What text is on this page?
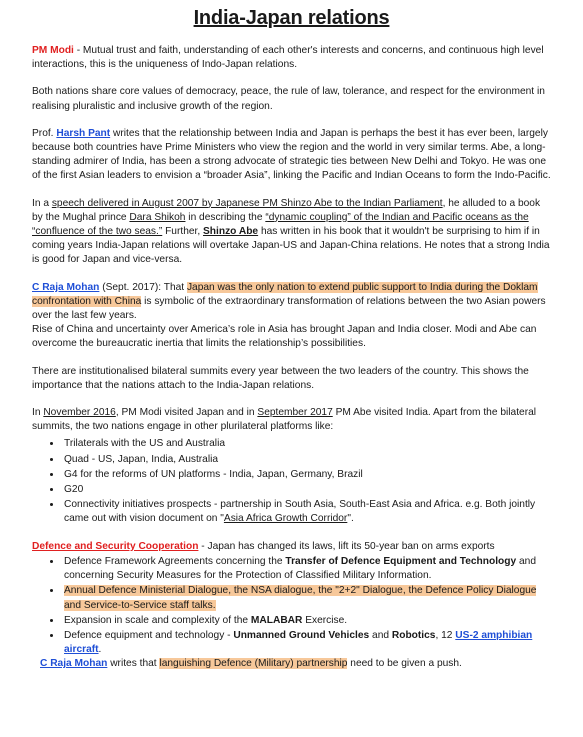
India-Japan relations

PM Modi - Mutual trust and faith, understanding of each other's interests and concerns, and continuous high level interactions, this is the uniqueness of Indo-Japan relations.

Both nations share core values of democracy, peace, the rule of law, tolerance, and respect for the environment in realising pluralistic and inclusive growth of the region.

Prof. Harsh Pant writes that the relationship between India and Japan is perhaps the best it has ever been, largely because both countries have Prime Ministers who view the region and the world in very similar terms. Abe, a long-standing admirer of India, has been a strong advocate of strategic ties between New Delhi and Tokyo. He was one of the first Asian leaders to envision a “broader Asia”, linking the Pacific and Indian Oceans to form the Indo-Pacific.

In a speech delivered in August 2007 by Japanese PM Shinzo Abe to the Indian Parliament, he alluded to a book by the Mughal prince Dara Shikoh in describing the “dynamic coupling” of the Indian and Pacific oceans as the “confluence of the two seas.” Further, Shinzo Abe has written in his book that it wouldn't be surprising to him if in coming years India-Japan relations will overtake Japan-US and Japan-China relations. He notes that a strong India is good for Japan and vice-versa.

C Raja Mohan (Sept. 2017): That Japan was the only nation to extend public support to India during the Doklam confrontation with China is symbolic of the extraordinary transformation of relations between the two Asian powers over the last few years.

Rise of China and uncertainty over America’s role in Asia has brought Japan and India closer. Modi and Abe can overcome the bureaucratic inertia that limits the relationship’s possibilities.

There are institutionalised bilateral summits every year between the two leaders of the country. This shows the importance that the nations attach to the India-Japan relations.

In November 2016, PM Modi visited Japan and in September 2017 PM Abe visited India. Apart from the bilateral summits, the two nations engage in other plurilateral platforms like:

• Trilaterals with the US and Australia
• Quad - US, Japan, India, Australia
• G4 for the reforms of UN platforms - India, Japan, Germany, Brazil
• G20
• Connectivity initiatives prospects - partnership in South Asia, South-East Asia and Africa. e.g. Both jointly came out with vision document on "Asia Africa Growth Corridor".

Defence and Security Cooperation - Japan has changed its laws, lift its 50-year ban on arms exports

• Defence Framework Agreements concerning the Transfer of Defence Equipment and Technology and concerning Security Measures for the Protection of Classified Military Information.
• Annual Defence Ministerial Dialogue, the NSA dialogue, the "2+2" Dialogue, the Defence Policy Dialogue and Service-to-Service staff talks.
• Expansion in scale and complexity of the MALABAR Exercise.
• Defence equipment and technology - Unmanned Ground Vehicles and Robotics, 12 US-2 amphibian aircraft.

C Raja Mohan writes that languishing Defence (Military) partnership need to be given a push.
